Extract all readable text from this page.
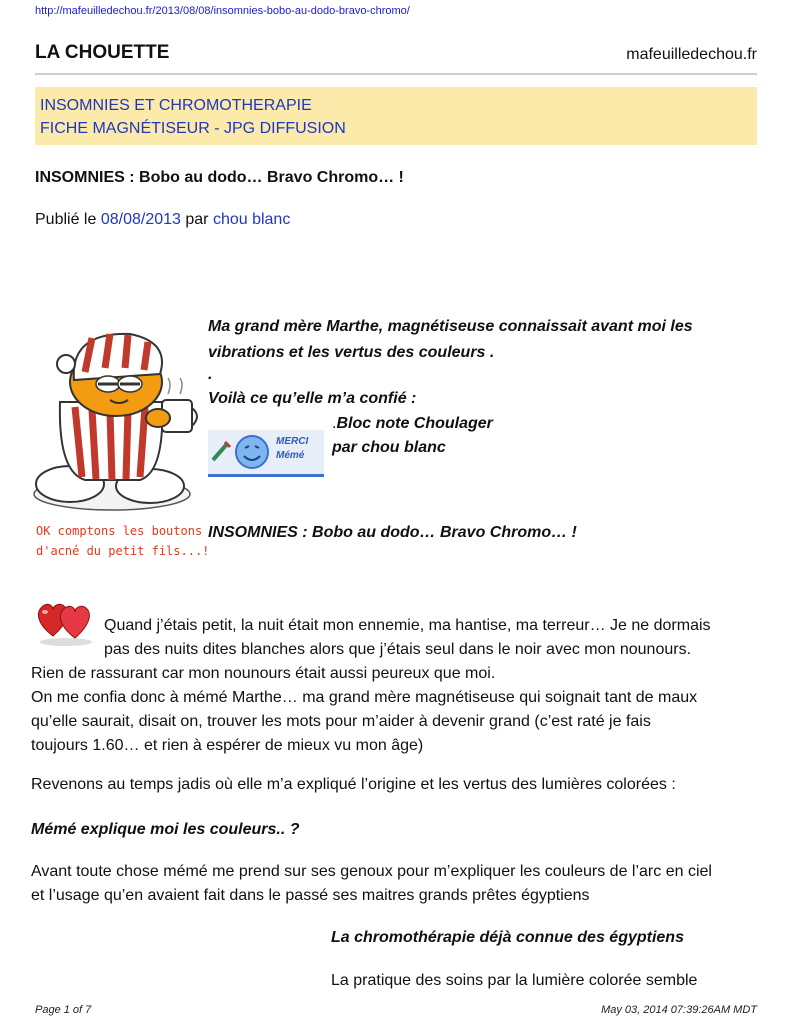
http://mafeuilledechou.fr/2013/08/08/insomnies-bobo-au-dodo-bravo-chromo/
LA CHOUETTE	mafeuilledechou.fr
INSOMNIES ET CHROMOTHERAPIE
FICHE MAGNÉTISEUR - JPG DIFFUSION
INSOMNIES : Bobo au dodo… Bravo Chromo… !
Publié le 08/08/2013 par chou blanc
Ma grand mère Marthe, magnétiseuse connaissait avant moi les
vibrations et les vertus des couleurs .
.
Voilà ce qu’elle m’a confié :
.Bloc note Choulager
par chou blanc
MERCI
Mémé
OK comptons les boutons
d'acné du petit fils...!
INSOMNIES : Bobo au dodo… Bravo Chromo… !
Quand j’étais petit, la nuit était mon ennemie, ma hantise, ma terreur… Je ne dormais
pas des nuits dites blanches alors que j’étais seul dans le noir avec mon nounours.
Rien de rassurant car mon nounours était aussi peureux que moi.
On me confia donc à mémé Marthe… ma grand mère magnétiseuse qui soignait tant de maux
qu’elle saurait, disait on, trouver les mots pour m’aider à devenir grand (c’est raté je fais
toujours 1.60… et rien à espérer de mieux vu mon âge)
Revenons au temps jadis où elle m’a expliqué l’origine et les vertus des lumières colorées :
Mémé explique moi les couleurs.. ?
Avant toute chose mémé me prend sur ses genoux pour m’expliquer les couleurs de l’arc en ciel
et l’usage qu’en avaient fait dans le passé ses maitres grands prêtes égyptiens
La chromothérapie déjà connue des égyptiens
La pratique des soins par la lumière colorée semble
Page 1 of 7	May 03, 2014 07:39:26AM MDT
